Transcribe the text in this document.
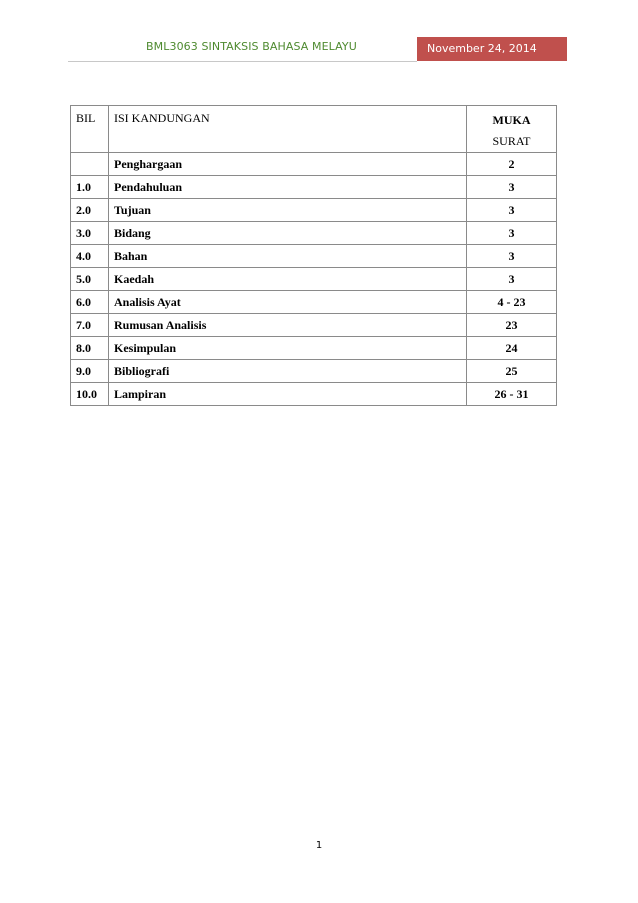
BML3063 SINTAKSIS BAHASA MELAYU	November 24, 2014
BIL	ISI KANDUNGAN	MUKA
SURAT
	Penghargaan	2
1.0	Pendahuluan	3
2.0	Tujuan	3
3.0	Bidang	3
4.0	Bahan	3
5.0	Kaedah	3
6.0	Analisis Ayat	4 - 23
7.0	Rumusan Analisis	23
8.0	Kesimpulan	24
9.0	Bibliografi	25
10.0	Lampiran	26 - 31
1
